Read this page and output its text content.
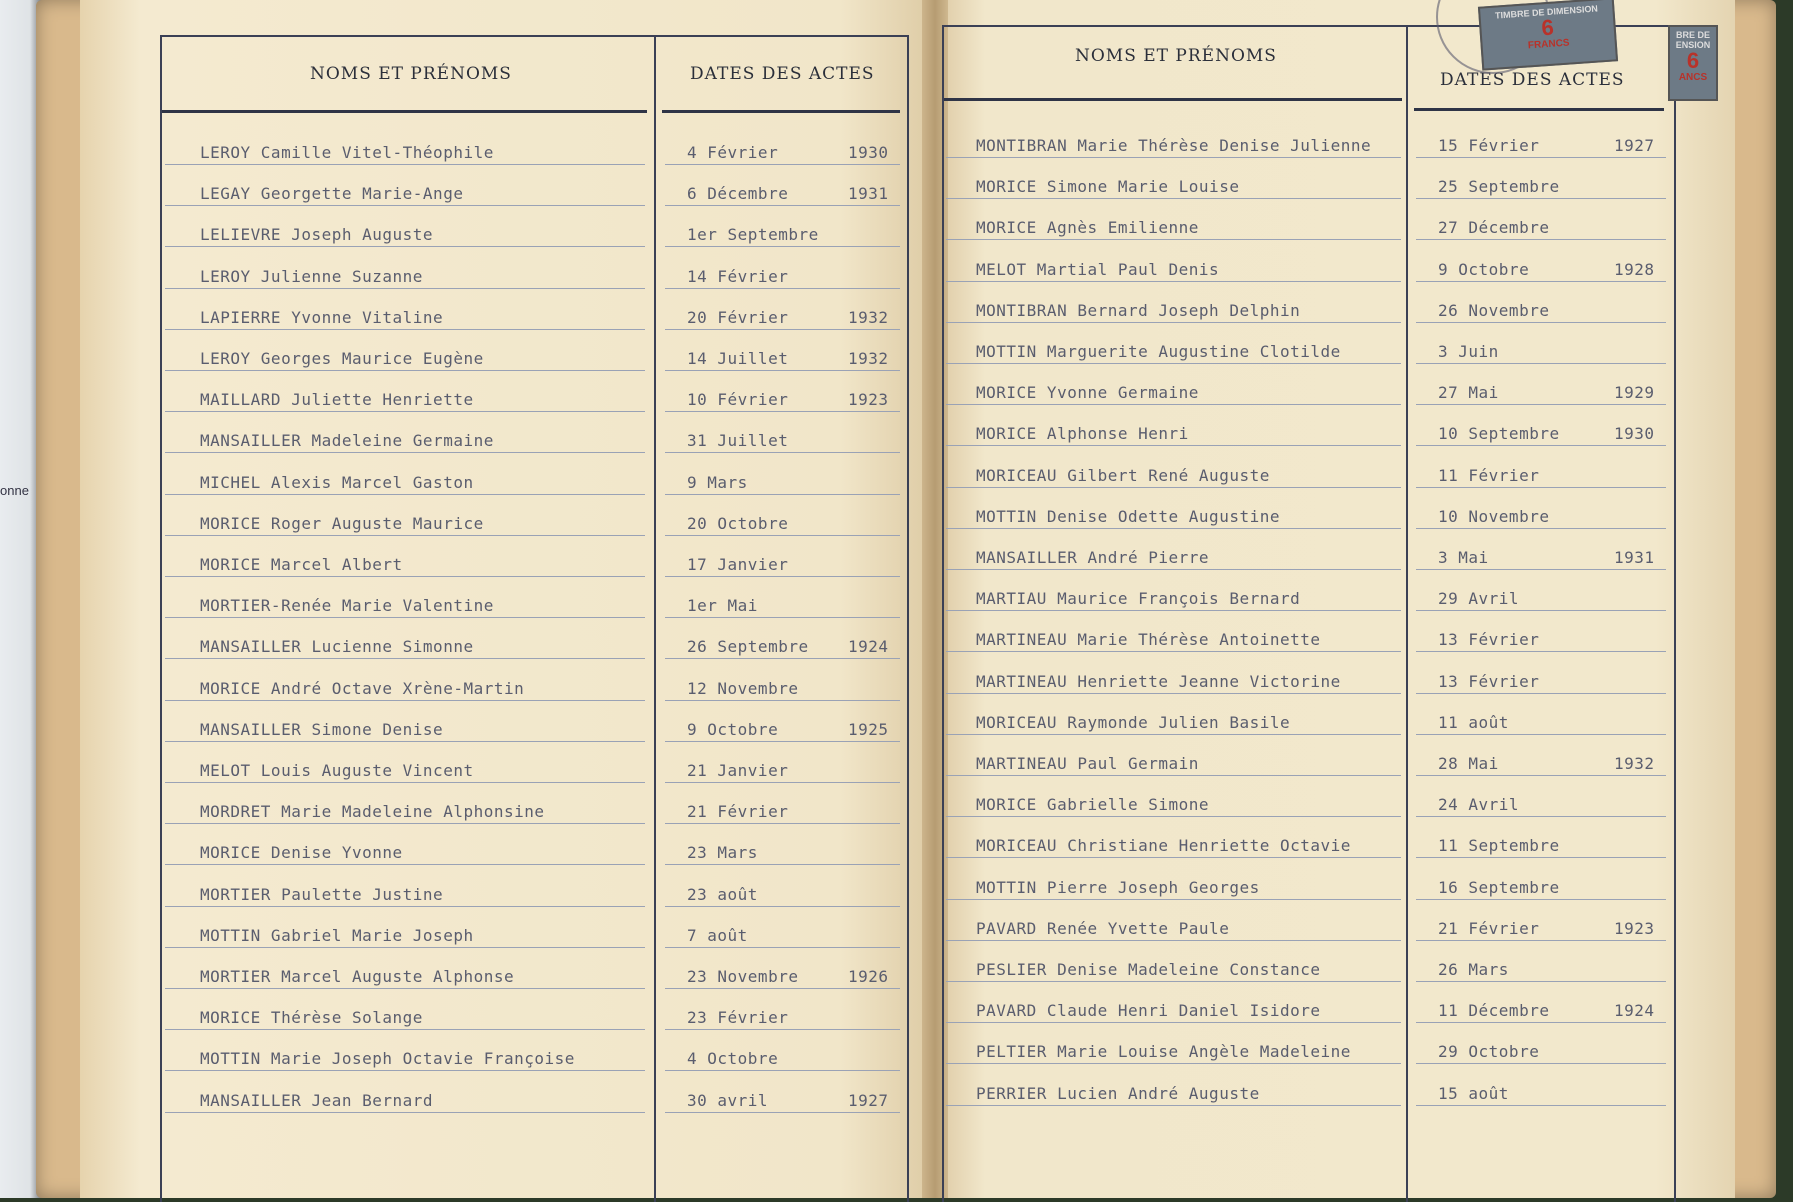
onne
NOMS ET PRÉNOMS	DATES DES ACTES
LEROY Camille Vitel-Théophile	4 Février	1930
LEGAY Georgette Marie-Ange	6 Décembre	1931
LELIEVRE Joseph Auguste	1er Septembre
LEROY Julienne Suzanne	14 Février
LAPIERRE Yvonne Vitaline	20 Février	1932
LEROY Georges Maurice Eugène	14 Juillet	1932
MAILLARD Juliette Henriette	10 Février	1923
MANSAILLER Madeleine Germaine	31 Juillet
MICHEL Alexis Marcel Gaston	9 Mars
MORICE Roger Auguste Maurice	20 Octobre
MORICE Marcel Albert	17 Janvier
MORTIER-Renée Marie Valentine	1er Mai
MANSAILLER Lucienne Simonne	26 Septembre 1924
MORICE André Octave Xrène-Martin	12 Novembre
MANSAILLER Simone Denise	9 Octobre	1925
MELOT Louis Auguste Vincent	21 Janvier
MORDRET Marie Madeleine Alphonsine	21 Février
MORICE Denise Yvonne	23 Mars
MORTIER Paulette Justine	23 août
MOTTIN Gabriel Marie Joseph	7 août
MORTIER Marcel Auguste Alphonse	23 Novembre	1926
MORICE Thérèse Solange	23 Février
MOTTIN Marie Joseph Octavie Françoise	4 Octobre
MANSAILLER Jean Bernard	30 avril	1927
NOMS ET PRÉNOMS
DATES DES ACTES
MONTIBRAN Marie Thérèse Denise Julienne	15 Février	1927
MORICE Simone Marie Louise	25 Septembre
MORICE Agnès Emilienne	27 Décembre
MELOT Martial Paul Denis	9 Octobre	1928
MONTIBRAN Bernard Joseph Delphin	26 Novembre
MOTTIN Marguerite Augustine Clotilde	3 Juin
MORICE Yvonne Germaine	27 Mai	1929
MORICE Alphonse Henri	10 Septembre	1930
MORICEAU Gilbert René Auguste	11 Février
MOTTIN Denise Odette Augustine	10 Novembre
MANSAILLER André Pierre	3 Mai	1931
MARTIAU Maurice François Bernard	29 Avril
MARTINEAU Marie Thérèse Antoinette	13 Février
MARTINEAU Henriette Jeanne Victorine	13 Février
MORICEAU Raymonde Julien Basile	11 août
MARTINEAU Paul Germain	28 Mai	1932
MORICE Gabrielle Simone	24 Avril
MORICEAU Christiane Henriette Octavie	11 Septembre
MOTTIN Pierre Joseph Georges	16 Septembre
PAVARD Renée Yvette Paule	21 Février	1923
PESLIER Denise Madeleine Constance	26 Mars
PAVARD Claude Henri Daniel Isidore	11 Décembre	1924
PELTIER Marie Louise Angèle Madeleine	29 Octobre
PERRIER Lucien André Auguste	15 août
TIMBRE DE DIMENSION
6
FRANCS
BRE DE ENSION
6
ANCS
